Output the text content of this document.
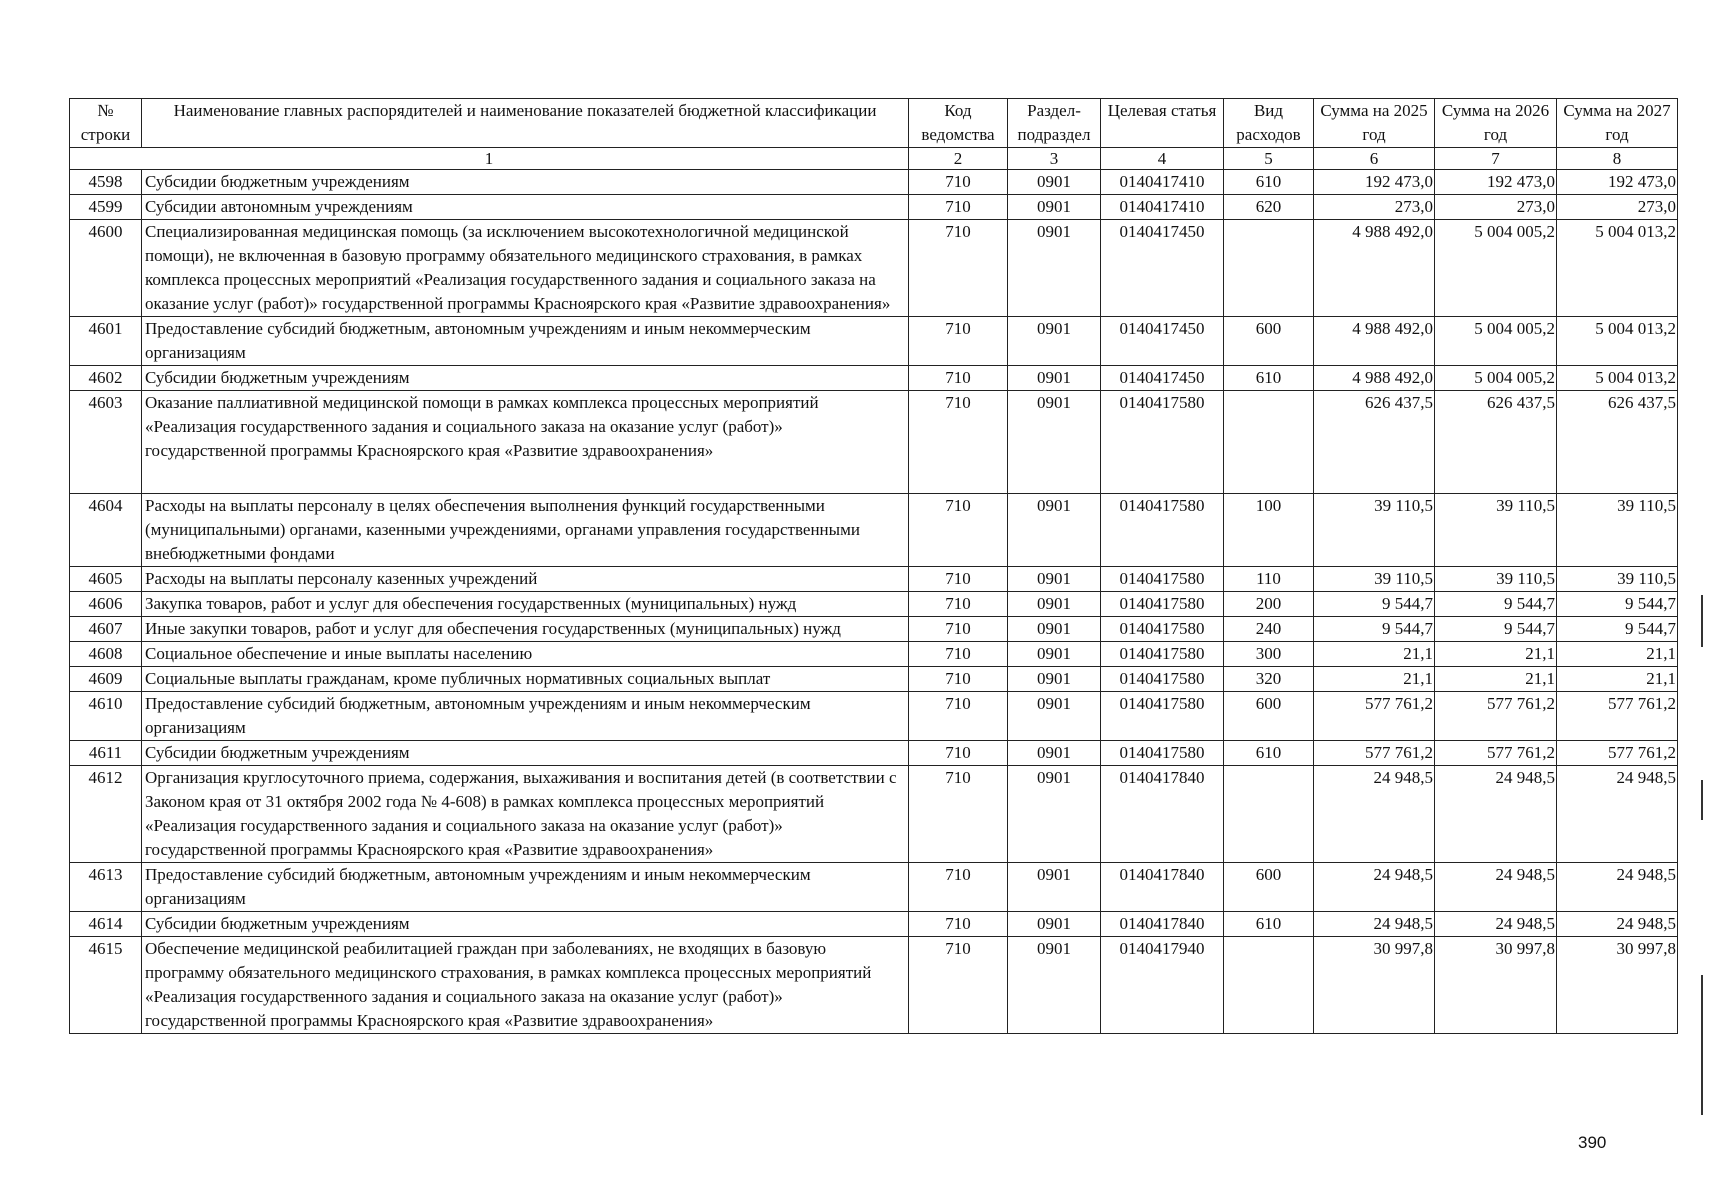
№ строки	Наименование главных распорядителей и наименование показателей бюджетной классификации	Код ведомства	Раздел-подраздел	Целевая статья	Вид расходов	Сумма на 2025 год	Сумма на 2026 год	Сумма на 2027 год
1		2	3	4	5	6	7	8
4598	Субсидии бюджетным учреждениям	710	0901	0140417410	610	192 473,0	192 473,0	192 473,0
4599	Субсидии автономным учреждениям	710	0901	0140417410	620	273,0	273,0	273,0
4600	Специализированная медицинская помощь (за исключением высокотехнологичной медицинской помощи), не включенная в базовую программу обязательного медицинского страхования, в рамках комплекса процессных мероприятий «Реализация государственного задания и социального заказа на оказание услуг (работ)» государственной программы Красноярского края «Развитие здравоохранения»	710	0901	0140417450		4 988 492,0	5 004 005,2	5 004 013,2
4601	Предоставление субсидий бюджетным, автономным учреждениям и иным некоммерческим организациям	710	0901	0140417450	600	4 988 492,0	5 004 005,2	5 004 013,2
4602	Субсидии бюджетным учреждениям	710	0901	0140417450	610	4 988 492,0	5 004 005,2	5 004 013,2
4603	Оказание паллиативной медицинской помощи в рамках комплекса процессных мероприятий «Реализация государственного задания и социального заказа на оказание услуг (работ)» государственной программы Красноярского края «Развитие здравоохранения»	710	0901	0140417580		626 437,5	626 437,5	626 437,5
4604	Расходы на выплаты персоналу в целях обеспечения выполнения функций государственными (муниципальными) органами, казенными учреждениями, органами управления государственными внебюджетными фондами	710	0901	0140417580	100	39 110,5	39 110,5	39 110,5
4605	Расходы на выплаты персоналу казенных учреждений	710	0901	0140417580	110	39 110,5	39 110,5	39 110,5
4606	Закупка товаров, работ и услуг для обеспечения государственных (муниципальных) нужд	710	0901	0140417580	200	9 544,7	9 544,7	9 544,7
4607	Иные закупки товаров, работ и услуг для обеспечения государственных (муниципальных) нужд	710	0901	0140417580	240	9 544,7	9 544,7	9 544,7
4608	Социальное обеспечение и иные выплаты населению	710	0901	0140417580	300	21,1	21,1	21,1
4609	Социальные выплаты гражданам, кроме публичных нормативных социальных выплат	710	0901	0140417580	320	21,1	21,1	21,1
4610	Предоставление субсидий бюджетным, автономным учреждениям и иным некоммерческим организациям	710	0901	0140417580	600	577 761,2	577 761,2	577 761,2
4611	Субсидии бюджетным учреждениям	710	0901	0140417580	610	577 761,2	577 761,2	577 761,2
4612	Организация круглосуточного приема, содержания, выхаживания и воспитания детей (в соответствии с Законом края от 31 октября 2002 года № 4-608) в рамках комплекса процессных мероприятий «Реализация государственного задания и социального заказа на оказание услуг (работ)» государственной программы Красноярского края «Развитие здравоохранения»	710	0901	0140417840		24 948,5	24 948,5	24 948,5
4613	Предоставление субсидий бюджетным, автономным учреждениям и иным некоммерческим организациям	710	0901	0140417840	600	24 948,5	24 948,5	24 948,5
4614	Субсидии бюджетным учреждениям	710	0901	0140417840	610	24 948,5	24 948,5	24 948,5
4615	Обеспечение медицинской реабилитацией граждан при заболеваниях, не входящих в базовую программу обязательного медицинского страхования, в рамках комплекса процессных мероприятий «Реализация государственного задания и социального заказа на оказание услуг (работ)» государственной программы Красноярского края «Развитие здравоохранения»	710	0901	0140417940		30 997,8	30 997,8	30 997,8
390
